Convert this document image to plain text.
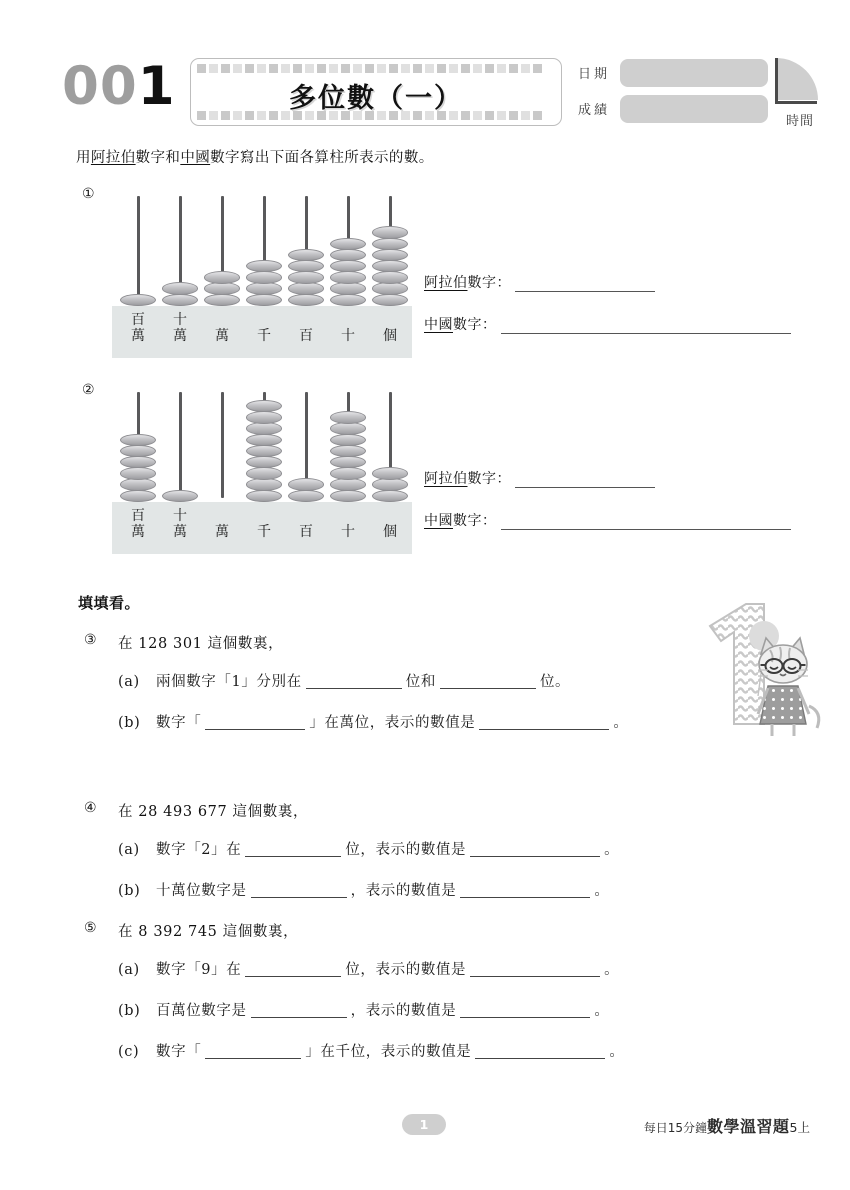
001	多位數（一）
日期
成績
時間
用阿拉伯數字和中國數字寫出下面各算柱所表示的數。
①
百
萬
十
萬
	萬
	千
	百
	十
	個
阿拉伯數字：
中國數字：
②
百
萬
十
萬
	萬
	千
	百
	十
	個
阿拉伯數字：
中國數字：
填填看。
③ 在 128 301 這個數裏，
(a) 兩個數字「1」分別在	位和	位。
(b) 數字「	」在萬位，表示的數值是	。
④ 在 28 493 677 這個數裏，
(a) 數字「2」在	位，表示的數值是	。
(b) 十萬位數字是	，表示的數值是	。
⑤ 在 8 392 745 這個數裏，
(a) 數字「9」在	位，表示的數值是	。
(b) 百萬位數字是	，表示的數值是	。
(c) 數字「	」在千位，表示的數值是	。
1	每日15分鐘數學溫習題5上
